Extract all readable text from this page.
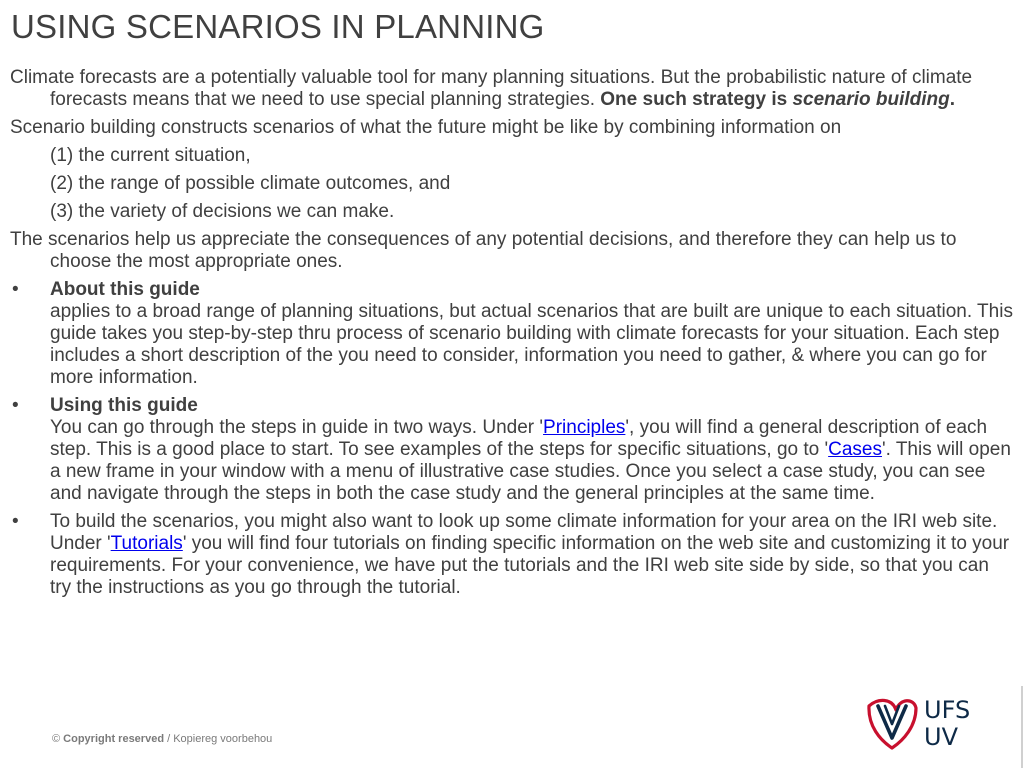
USING SCENARIOS IN PLANNING

Climate forecasts are a potentially valuable tool for many planning situations. But the probabilistic nature of climate forecasts means that we need to use special planning strategies. One such strategy is scenario building.

Scenario building constructs scenarios of what the future might be like by combining information on

(1) the current situation,

(2) the range of possible climate outcomes, and

(3) the variety of decisions we can make.

The scenarios help us appreciate the consequences of any potential decisions, and therefore they can help us to choose the most appropriate ones.

• About this guide
applies to a broad range of planning situations, but actual scenarios that are built are unique to each situation. This guide takes you step-by-step thru process of scenario building with climate forecasts for your situation. Each step includes a short description of the you need to consider, information you need to gather, & where you can go for more information.
• Using this guide
You can go through the steps in guide in two ways. Under 'Principles', you will find a general description of each step. This is a good place to start. To see examples of the steps for specific situations, go to 'Cases'. This will open a new frame in your window with a menu of illustrative case studies. Once you select a case study, you can see and navigate through the steps in both the case study and the general principles at the same time.
• To build the scenarios, you might also want to look up some climate information for your area on the IRI web site. Under 'Tutorials' you will find four tutorials on finding specific information on the web site and customizing it to your requirements. For your convenience, we have put the tutorials and the IRI web site side by side, so that you can try the instructions as you go through the tutorial.
© Copyright reserved / Kopiereg voorbehou
UFS
UV
